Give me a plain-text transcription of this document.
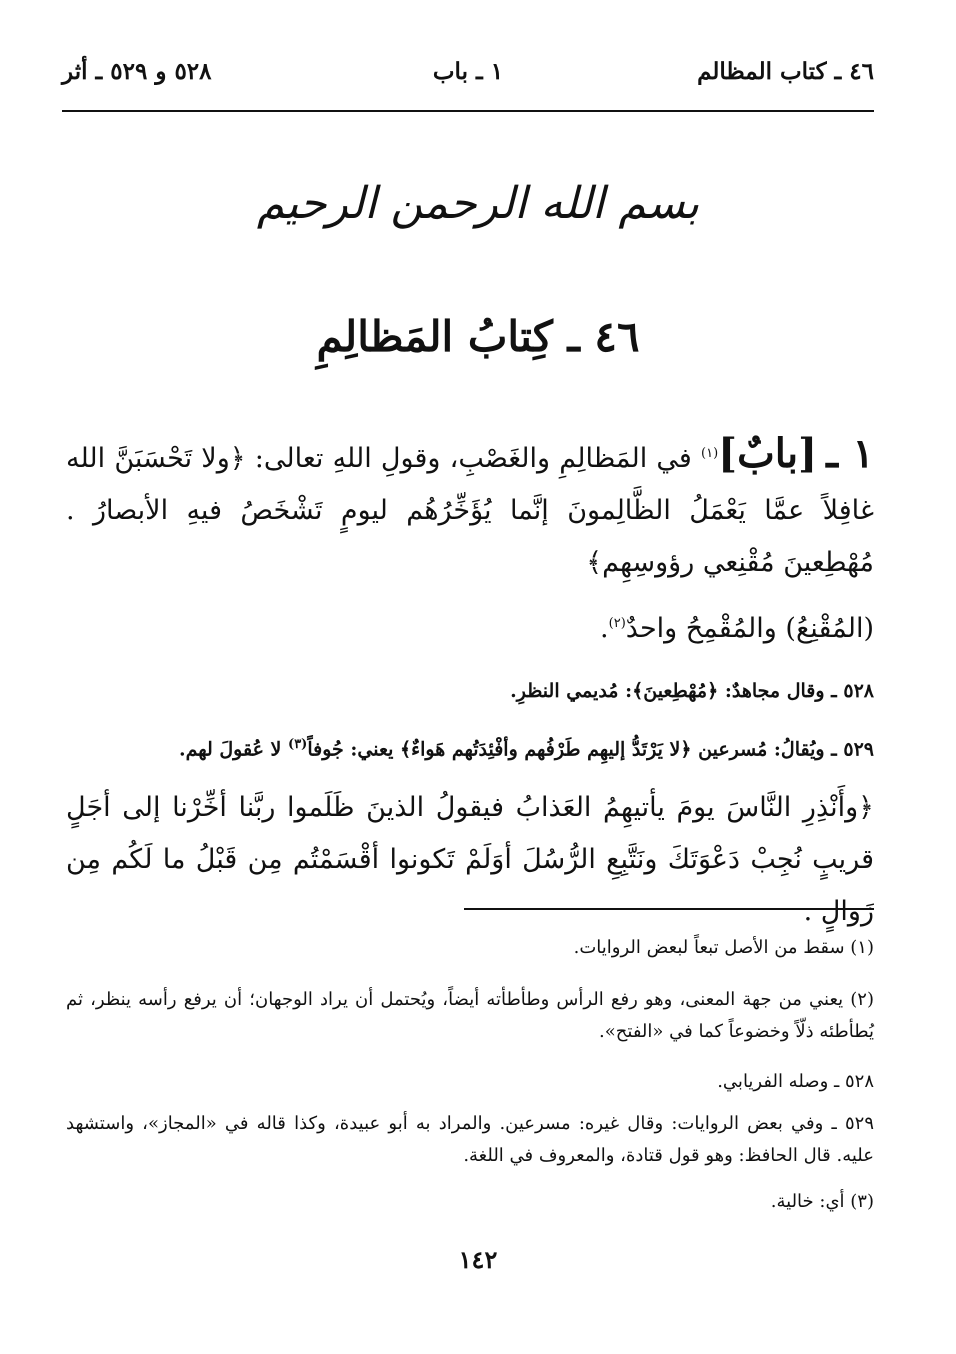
٤٦ ـ كتاب المظالم
١ ـ باب
٥٢٨ و ٥٢٩ ـ أثر
بسم الله الرحمن الرحيم
٤٦ ـ كِتابُ المَظالِمِ
١ ـ [بابٌ]$^{(١)}$ في المَظالِمِ والغَصْبِ، وقولِ اللهِ تعالى: ﴿ولا تَحْسَبَنَّ الله غافِلاً عمَّا يَعْمَلُ الظَّالِمونَ إنَّما يُؤَخِّرُهُم ليومٍ تَشْخَصُ فيهِ الأبصارُ . مُهْطِعينَ مُقْنِعي رؤوسِهِم﴾
(المُقْنِعُ) والمُقْمِحُ واحدٌ$^{(٢)}$.
٥٢٨ ـ وقال مجاهدٌ: ﴿مُهْطِعينَ﴾: مُديمي النظرِ.
٥٢٩ ـ ويُقالُ: مُسرعين ﴿لا يَرْتَدُّ إليهِم طَرْفُهم وأفْئِدَتُهم هَواءٌ﴾ يعني: جُوفاً$^{(٣)}$ لا عُقولَ لهم.
﴿وأَنْذِرِ النَّاسَ يومَ يأتيهِمُ العَذابُ فيقولُ الذينَ ظَلَموا ربَّنا أخِّرْنا إلى أجَلٍ قريبٍ نُجِبْ دَعْوَتَكَ ونَتَّبِعِ الرُّسُلَ أوَلَمْ تَكونوا أقْسَمْتُم مِن قَبْلُ ما لَكُم مِن زَوالٍ .
(١) سقط من الأصل تبعاً لبعض الروايات.
(٢) يعني من جهة المعنى، وهو رفع الرأس وطأطأته أيضاً، ويُحتمل أن يراد الوجهان؛ أن يرفع رأسه ينظر، ثم يُطأطئه ذلّاً وخضوعاً كما في «الفتح».
٥٢٨ ـ وصله الفريابي.
٥٢٩ ـ وفي بعض الروايات: وقال غيره: مسرعين. والمراد به أبو عبيدة، وكذا قاله في «المجاز»، واستشهد عليه. قال الحافظ: وهو قول قتادة، والمعروف في اللغة.
(٣) أي: خالية.
١٤٢
